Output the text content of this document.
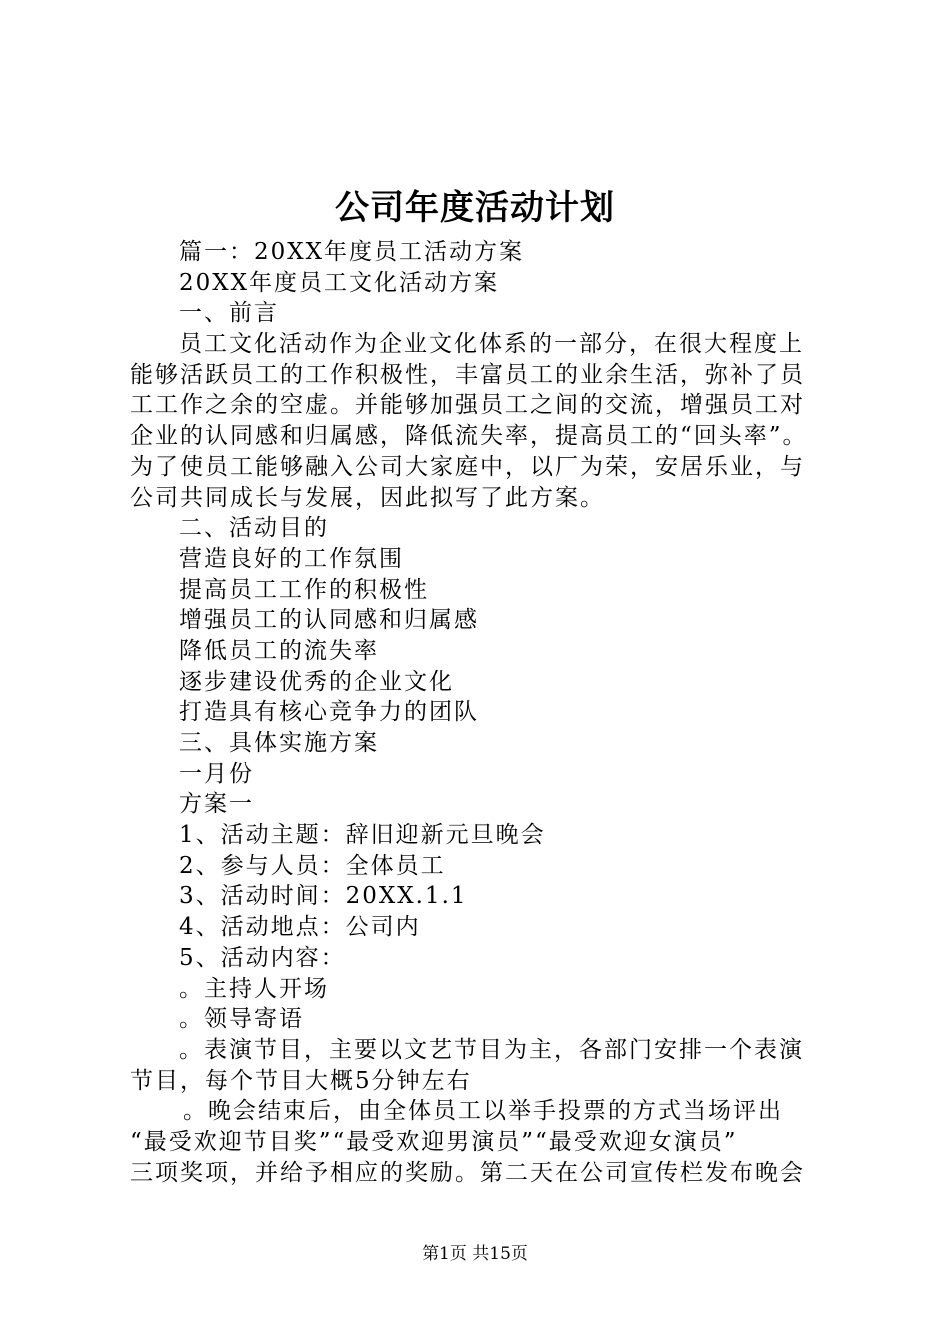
公司年度活动计划
篇一：20XX年度员工活动方案
20XX年度员工文化活动方案
一、前言
员工文化活动作为企业文化体系的一部分，在很大程度上
能够活跃员工的工作积极性，丰富员工的业余生活，弥补了员
工工作之余的空虚。并能够加强员工之间的交流，增强员工对
企业的认同感和归属感，降低流失率，提高员工的“回头率”。
为了使员工能够融入公司大家庭中，以厂为荣，安居乐业，与
公司共同成长与发展，因此拟写了此方案。
二、活动目的
营造良好的工作氛围
提高员工工作的积极性
增强员工的认同感和归属感
降低员工的流失率
逐步建设优秀的企业文化
打造具有核心竞争力的团队
三、具体实施方案
一月份
方案一
1、活动主题：辞旧迎新元旦晚会
2、参与人员：全体员工
3、活动时间：20XX.1.1
4、活动地点：公司内
5、活动内容：
。主持人开场
。领导寄语
。表演节目，主要以文艺节目为主，各部门安排一个表演
节目，每个节目大概5分钟左右
。晚会结束后，由全体员工以举手投票的方式当场评出
“最受欢迎节目奖”“最受欢迎男演员”“最受欢迎女演员”
三项奖项，并给予相应的奖励。第二天在公司宣传栏发布晚会
第1页 共15页
